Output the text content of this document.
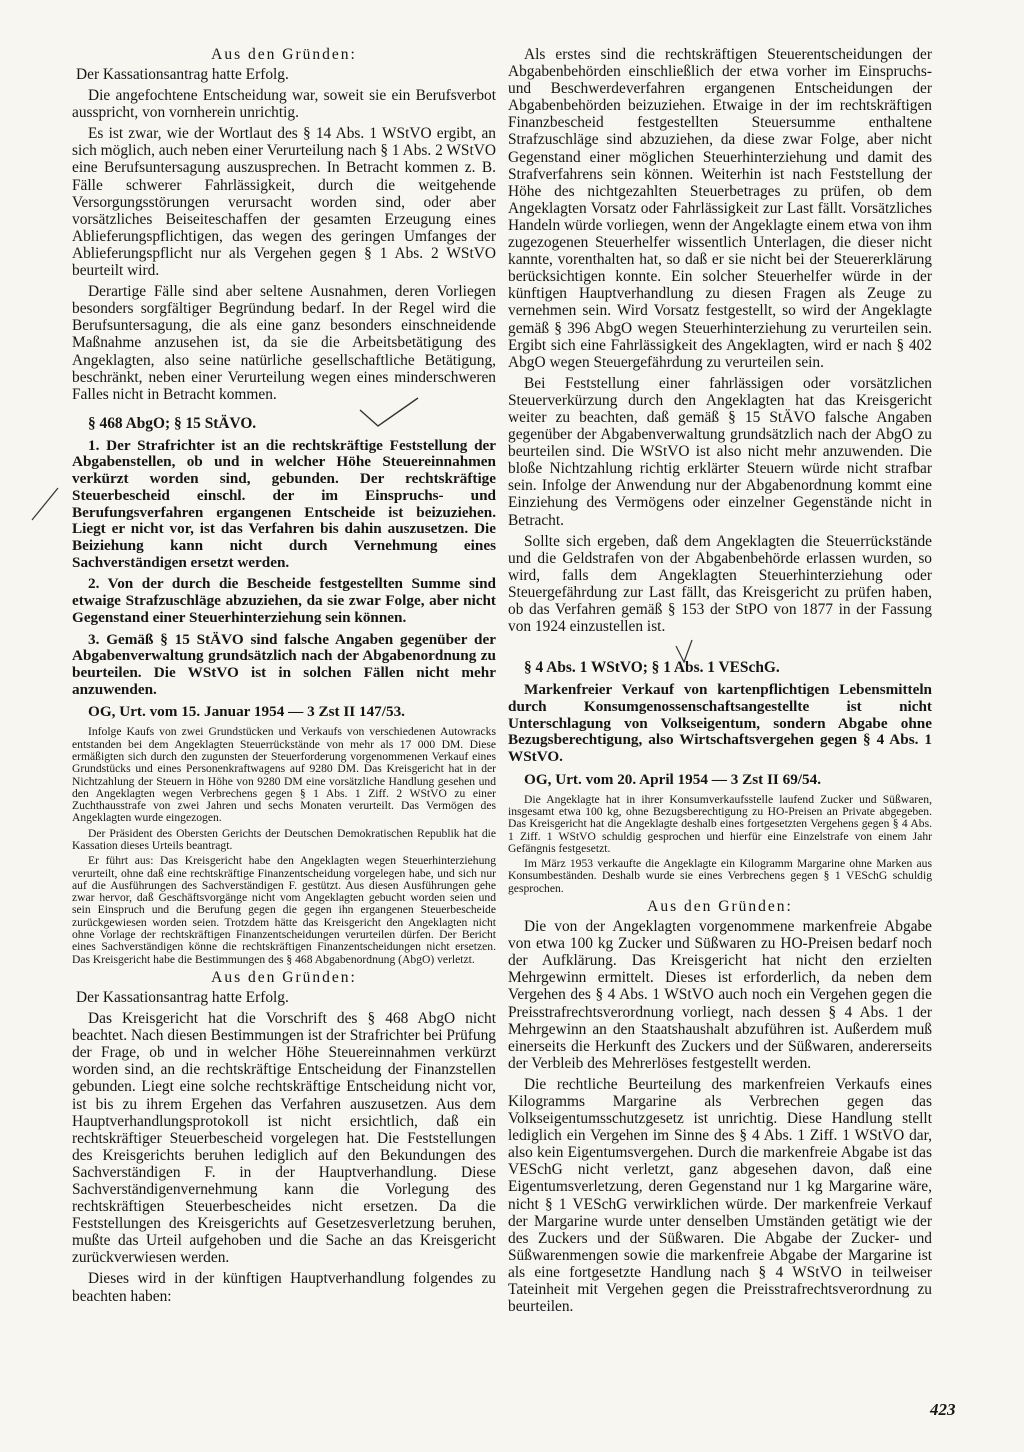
Aus den Gründen:

Der Kassationsantrag hatte Erfolg.

Die angefochtene Entscheidung war, soweit sie ein Berufsverbot ausspricht, von vornherein unrichtig.

Es ist zwar, wie der Wortlaut des § 14 Abs. 1 WStVO ergibt, an sich möglich, auch neben einer Verurteilung nach § 1 Abs. 2 WStVO eine Berufsuntersagung auszusprechen. In Betracht kommen z. B. Fälle schwerer Fahrlässigkeit, durch die weitgehende Versorgungsstörungen verursacht worden sind, oder aber vorsätzliches Beiseiteschaffen der gesamten Erzeugung eines Ablieferungspflichtigen, das wegen des geringen Umfanges der Ablieferungspflicht nur als Vergehen gegen § 1 Abs. 2 WStVO beurteilt wird.

Derartige Fälle sind aber seltene Ausnahmen, deren Vorliegen besonders sorgfältiger Begründung bedarf. In der Regel wird die Berufsuntersagung, die als eine ganz besonders einschneidende Maßnahme anzusehen ist, da sie die Arbeitsbetätigung des Angeklagten, also seine natürliche gesellschaftliche Betätigung, beschränkt, neben einer Verurteilung wegen eines minderschweren Falles nicht in Betracht kommen.

§ 468 AbgO; § 15 StÄVO.

1. Der Strafrichter ist an die rechtskräftige Feststellung der Abgabenstellen, ob und in welcher Höhe Steuereinnahmen verkürzt worden sind, gebunden. Der rechtskräftige Steuerbescheid einschl. der im Einspruchs- und Berufungsverfahren ergangenen Entscheide ist beizuziehen. Liegt er nicht vor, ist das Verfahren bis dahin auszusetzen. Die Beiziehung kann nicht durch Vernehmung eines Sachverständigen ersetzt werden.

2. Von der durch die Bescheide festgestellten Summe sind etwaige Strafzuschläge abzuziehen, da sie zwar Folge, aber nicht Gegenstand einer Steuerhinterziehung sein können.

3. Gemäß § 15 StÄVO sind falsche Angaben gegenüber der Abgabenverwaltung grundsätzlich nach der Abgabenordnung zu beurteilen. Die WStVO ist in solchen Fällen nicht mehr anzuwenden.

OG, Urt. vom 15. Januar 1954 — 3 Zst II 147/53.

Infolge Kaufs von zwei Grundstücken und Verkaufs von verschiedenen Autowracks entstanden bei dem Angeklagten Steuerrückstände von mehr als 17 000 DM. Diese ermäßigten sich durch den zugunsten der Steuerforderung vorgenommenen Verkauf eines Grundstücks und eines Personenkraftwagens auf 9280 DM. Das Kreisgericht hat in der Nichtzahlung der Steuern in Höhe von 9280 DM eine vorsätzliche Handlung gesehen und den Angeklagten wegen Verbrechens gegen § 1 Abs. 1 Ziff. 2 WStVO zu einer Zuchthausstrafe von zwei Jahren und sechs Monaten verurteilt. Das Vermögen des Angeklagten wurde eingezogen.

Der Präsident des Obersten Gerichts der Deutschen Demokratischen Republik hat die Kassation dieses Urteils beantragt.

Er führt aus: Das Kreisgericht habe den Angeklagten wegen Steuerhinterziehung verurteilt, ohne daß eine rechtskräftige Finanzentscheidung vorgelegen habe, und sich nur auf die Ausführungen des Sachverständigen F. gestützt. Aus diesen Ausführungen gehe zwar hervor, daß Geschäftsvorgänge nicht vom Angeklagten gebucht worden seien und sein Einspruch und die Berufung gegen die gegen ihn ergangenen Steuerbescheide zurückgewiesen worden seien. Trotzdem hätte das Kreisgericht den Angeklagten nicht ohne Vorlage der rechtskräftigen Finanzentscheidungen verurteilen dürfen. Der Bericht eines Sachverständigen könne die rechtskräftigen Finanzentscheidungen nicht ersetzen. Das Kreisgericht habe die Bestimmungen des § 468 Abgabenordnung (AbgO) verletzt.

Aus den Gründen:

Der Kassationsantrag hatte Erfolg.

Das Kreisgericht hat die Vorschrift des § 468 AbgO nicht beachtet. Nach diesen Bestimmungen ist der Strafrichter bei Prüfung der Frage, ob und in welcher Höhe Steuereinnahmen verkürzt worden sind, an die rechtskräftige Entscheidung der Finanzstellen gebunden. Liegt eine solche rechtskräftige Entscheidung nicht vor, ist bis zu ihrem Ergehen das Verfahren auszusetzen. Aus dem Hauptverhandlungsprotokoll ist nicht ersichtlich, daß ein rechtskräftiger Steuerbescheid vorgelegen hat. Die Feststellungen des Kreisgerichts beruhen lediglich auf den Bekundungen des Sachverständigen F. in der Hauptverhandlung. Diese Sachverständigenvernehmung kann die Vorlegung des rechtskräftigen Steuerbescheides nicht ersetzen. Da die Feststellungen des Kreisgerichts auf Gesetzesverletzung beruhen, mußte das Urteil aufgehoben und die Sache an das Kreisgericht zurückverwiesen werden.

Dieses wird in der künftigen Hauptverhandlung folgendes zu beachten haben:

Als erstes sind die rechtskräftigen Steuerentscheidungen der Abgabenbehörden einschließlich der etwa vorher im Einspruchs- und Beschwerdeverfahren ergangenen Entscheidungen der Abgabenbehörden beizuziehen. Etwaige in der im rechtskräftigen Finanzbescheid festgestellten Steuersumme enthaltene Strafzuschläge sind abzuziehen, da diese zwar Folge, aber nicht Gegenstand einer möglichen Steuerhinterziehung und damit des Strafverfahrens sein können. Weiterhin ist nach Feststellung der Höhe des nichtgezahlten Steuerbetrages zu prüfen, ob dem Angeklagten Vorsatz oder Fahrlässigkeit zur Last fällt. Vorsätzliches Handeln würde vorliegen, wenn der Angeklagte einem etwa von ihm zugezogenen Steuerhelfer wissentlich Unterlagen, die dieser nicht kannte, vorenthalten hat, so daß er sie nicht bei der Steuererklärung berücksichtigen konnte. Ein solcher Steuerhelfer würde in der künftigen Hauptverhandlung zu diesen Fragen als Zeuge zu vernehmen sein. Wird Vorsatz festgestellt, so wird der Angeklagte gemäß § 396 AbgO wegen Steuerhinterziehung zu verurteilen sein. Ergibt sich eine Fahrlässigkeit des Angeklagten, wird er nach § 402 AbgO wegen Steuergefährdung zu verurteilen sein.

Bei Feststellung einer fahrlässigen oder vorsätzlichen Steuerverkürzung durch den Angeklagten hat das Kreisgericht weiter zu beachten, daß gemäß § 15 StÄVO falsche Angaben gegenüber der Abgabenverwaltung grundsätzlich nach der AbgO zu beurteilen sind. Die WStVO ist also nicht mehr anzuwenden. Die bloße Nichtzahlung richtig erklärter Steuern würde nicht strafbar sein. Infolge der Anwendung nur der Abgabenordnung kommt eine Einziehung des Vermögens oder einzelner Gegenstände nicht in Betracht.

Sollte sich ergeben, daß dem Angeklagten die Steuerrückstände und die Geldstrafen von der Abgabenbehörde erlassen wurden, so wird, falls dem Angeklagten Steuerhinterziehung oder Steuergefährdung zur Last fällt, das Kreisgericht zu prüfen haben, ob das Verfahren gemäß § 153 der StPO von 1877 in der Fassung von 1924 einzustellen ist.

§ 4 Abs. 1 WStVO; § 1 Abs. 1 VESchG.

Markenfreier Verkauf von kartenpflichtigen Lebensmitteln durch Konsumgenossenschaftsangestellte ist nicht Unterschlagung von Volkseigentum, sondern Abgabe ohne Bezugsberechtigung, also Wirtschaftsvergehen gegen § 4 Abs. 1 WStVO.

OG, Urt. vom 20. April 1954 — 3 Zst II 69/54.

Die Angeklagte hat in ihrer Konsumverkaufsstelle laufend Zucker und Süßwaren, insgesamt etwa 100 kg, ohne Bezugsberechtigung zu HO-Preisen an Private abgegeben. Das Kreisgericht hat die Angeklagte deshalb eines fortgesetzten Vergehens gegen § 4 Abs. 1 Ziff. 1 WStVO schuldig gesprochen und hierfür eine Einzelstrafe von einem Jahr Gefängnis festgesetzt.

Im März 1953 verkaufte die Angeklagte ein Kilogramm Margarine ohne Marken aus Konsumbeständen. Deshalb wurde sie eines Verbrechens gegen § 1 VESchG schuldig gesprochen.

Aus den Gründen:

Die von der Angeklagten vorgenommene markenfreie Abgabe von etwa 100 kg Zucker und Süßwaren zu HO-Preisen bedarf noch der Aufklärung. Das Kreisgericht hat nicht den erzielten Mehrgewinn ermittelt. Dieses ist erforderlich, da neben dem Vergehen des § 4 Abs. 1 WStVO auch noch ein Vergehen gegen die Preisstrafrechtsverordnung vorliegt, nach dessen § 4 Abs. 1 der Mehrgewinn an den Staatshaushalt abzuführen ist. Außerdem muß einerseits die Herkunft des Zuckers und der Süßwaren, andererseits der Verbleib des Mehrerlöses festgestellt werden.

Die rechtliche Beurteilung des markenfreien Verkaufs eines Kilogramms Margarine als Verbrechen gegen das Volkseigentumsschutzgesetz ist unrichtig. Diese Handlung stellt lediglich ein Vergehen im Sinne des § 4 Abs. 1 Ziff. 1 WStVO dar, also kein Eigentumsvergehen. Durch die markenfreie Abgabe ist das VESchG nicht verletzt, ganz abgesehen davon, daß eine Eigentumsverletzung, deren Gegenstand nur 1 kg Margarine wäre, nicht § 1 VESchG verwirklichen würde. Der markenfreie Verkauf der Margarine wurde unter denselben Umständen getätigt wie der des Zuckers und der Süßwaren. Die Abgabe der Zucker- und Süßwarenmengen sowie die markenfreie Abgabe der Margarine ist als eine fortgesetzte Handlung nach § 4 WStVO in teilweiser Tateinheit mit Vergehen gegen die Preisstrafrechtsverordnung zu beurteilen.

423
